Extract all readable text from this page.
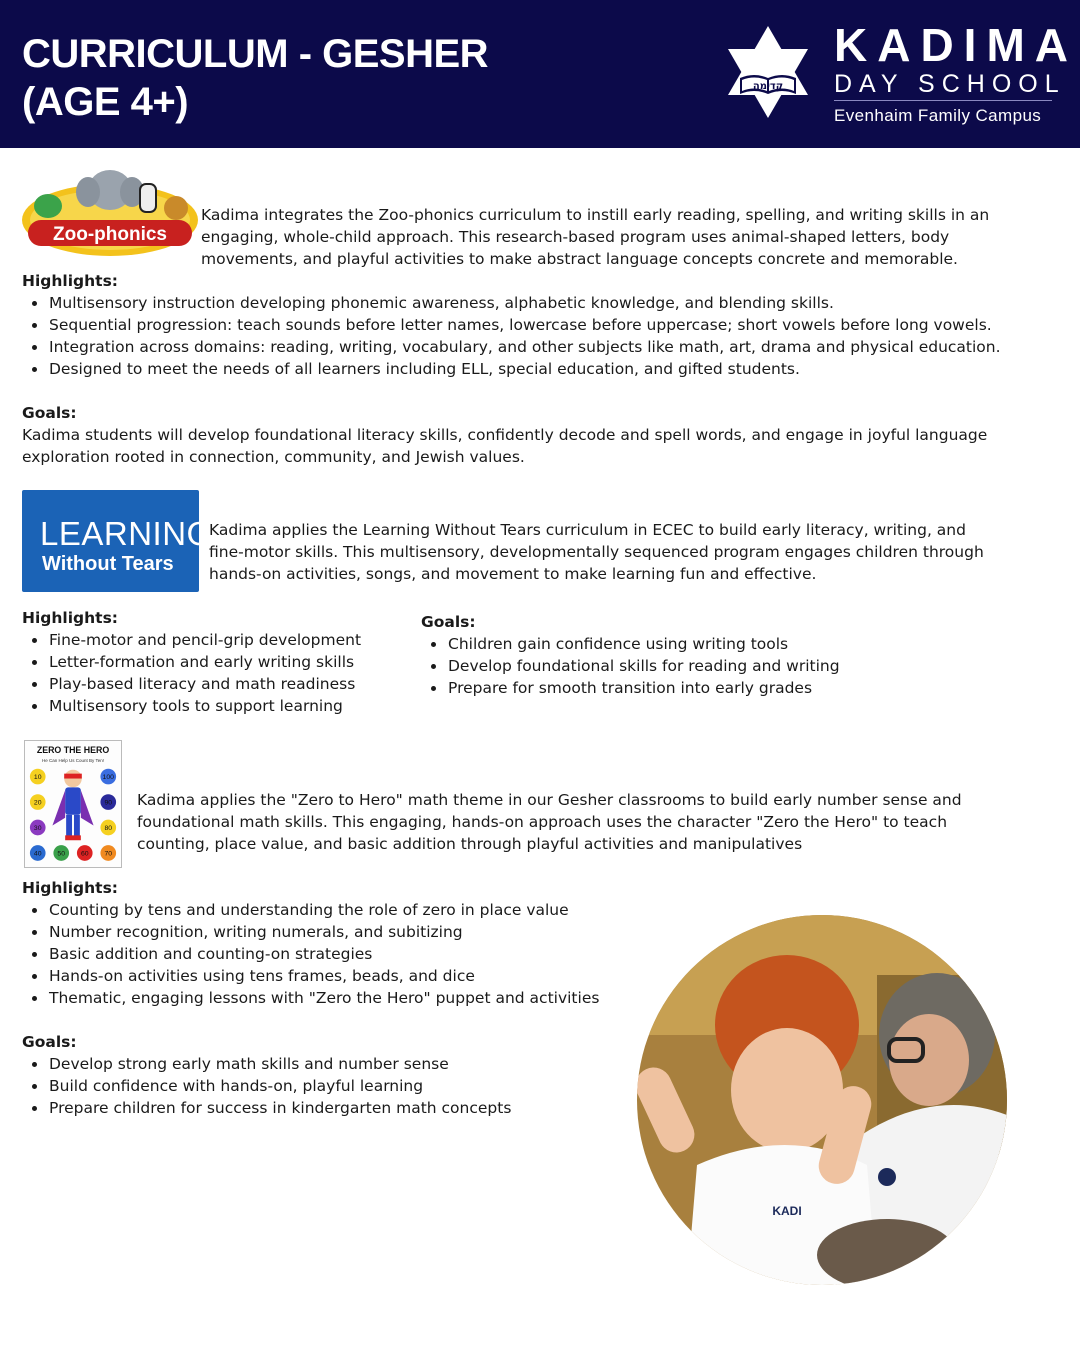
CURRICULUM - GESHER
(AGE 4+)	קדימה
KADIMA
DAY SCHOOL
Evenhaim Family Campus
Zoo-phonics
Kadima integrates the Zoo-phonics curriculum to instill early reading, spelling, and writing skills in an engaging, whole-child approach. This research-based program uses animal-shaped letters, body movements, and playful activities to make abstract language concepts concrete and memorable.
Highlights:
Multisensory instruction developing phonemic awareness, alphabetic knowledge, and blending skills.
Sequential progression: teach sounds before letter names, lowercase before uppercase; short vowels before long vowels.
Integration across domains: reading, writing, vocabulary, and other subjects like math, art, drama and physical education.
Designed to meet the needs of all learners including ELL, special education, and gifted students.
Goals:
Kadima students will develop foundational literacy skills, confidently decode and spell words, and engage in joyful language exploration rooted in connection, community, and Jewish values.
LEARNING
Without Tears
Kadima applies the Learning Without Tears curriculum in ECEC to build early literacy, writing, and fine-motor skills. This multisensory, developmentally sequenced program engages children through hands-on activities, songs, and movement to make learning fun and effective.
Highlights:
Fine-motor and pencil-grip development
Letter-formation and early writing skills
Play-based literacy and math readiness
Multisensory tools to support learning
Goals:
Children gain confidence using writing tools
Develop foundational skills for reading and writing
Prepare for smooth transition into early grades
ZERO THE HERO
He Can Help Us Count By Ten!
10	100
20	90
30	80
40 50 60 70
Kadima applies the "Zero to Hero" math theme in our Gesher classrooms to build early number sense and foundational math skills. This engaging, hands-on approach uses the character "Zero the Hero" to teach counting, place value, and basic addition through playful activities and manipulatives
Highlights:
Counting by tens and understanding the role of zero in place value
Number recognition, writing numerals, and subitizing
Basic addition and counting-on strategies
Hands-on activities using tens frames, beads, and dice
Thematic, engaging lessons with "Zero the Hero" puppet and activities
Goals:
Develop strong early math skills and number sense
Build confidence with hands-on, playful learning
Prepare children for success in kindergarten math concepts
KADI
